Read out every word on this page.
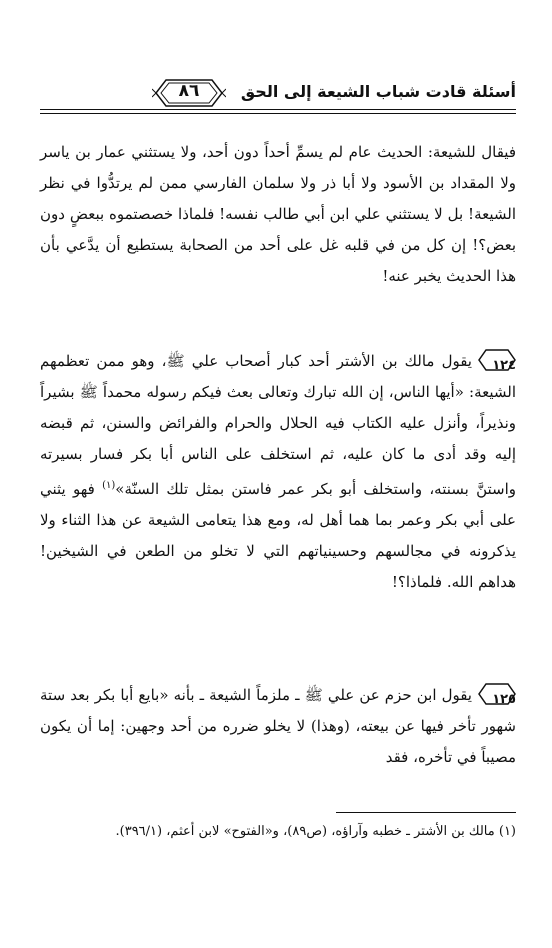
أسئلة قادت شباب الشيعة إلى الحق
٨٦

فيقال للشيعة: الحديث عام لم يسمِّ أحداً دون أحد، ولا يستثني عمار بن ياسر ولا المقداد بن الأسود ولا أبا ذر ولا سلمان الفارسي ممن لم يرتدُّوا في نظر الشيعة! بل لا يستثني علي ابن أبي طالب نفسه! فلماذا خصصتموه ببعضٍ دون بعض؟! إن كل من في قلبه غل على أحد من الصحابة يستطيع أن يدَّعي بأن هذا الحديث يخبر عنه!

١٢٤
يقول مالك بن الأشتر أحد كبار أصحاب علي ﷺ، وهو ممن تعظمهم الشيعة: «أيها الناس، إن الله تبارك وتعالى بعث فيكم رسوله محمداً ﷺ بشيراً ونذيراً، وأنزل عليه الكتاب فيه الحلال والحرام والفرائض والسنن، ثم قبضه إليه وقد أدى ما كان عليه، ثم استخلف على الناس أبا بكر فسار بسيرته واستنَّ بسنته، واستخلف أبو بكر عمر فاستن بمثل تلك السنّة»$^{(١)}$ فهو يثني على أبي بكر وعمر بما هما أهل له، ومع هذا يتعامى الشيعة عن هذا الثناء ولا يذكرونه في مجالسهم وحسينياتهم التي لا تخلو من الطعن في الشيخين! هداهم الله. فلماذا؟!

١٢٥
يقول ابن حزم عن علي ﷺ ـ ملزماً الشيعة ـ بأنه «بايع أبا بكر بعد ستة شهور تأخر فيها عن بيعته، (وهذا) لا يخلو ضرره من أحد وجهين: إما أن يكون مصيباً في تأخره، فقد

(١) مالك بن الأشتر ـ خطبه وآراؤه، (ص٨٩)، و«الفتوح» لابن أعثم، (٣٩٦/١).
